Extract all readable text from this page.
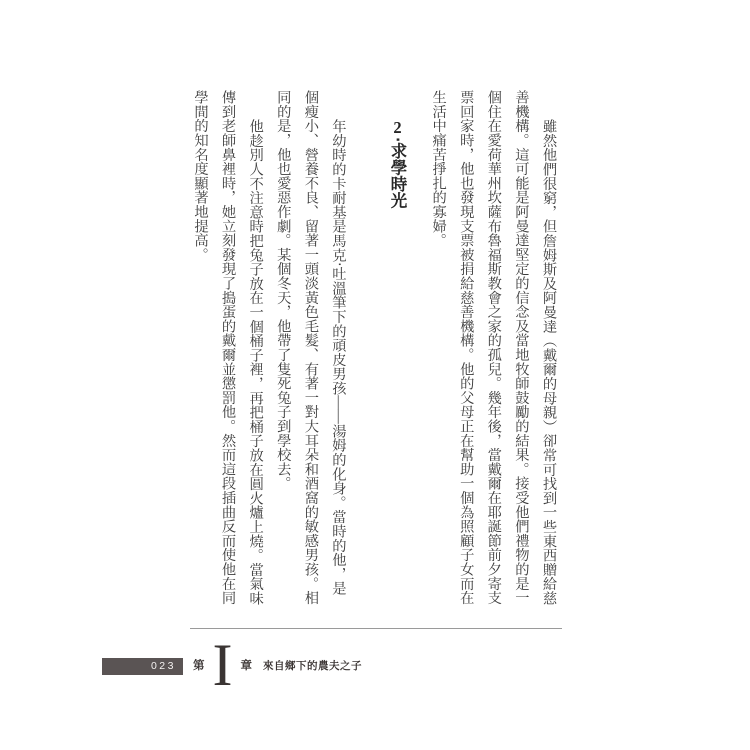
雖然他們很窮，但詹姆斯及阿曼達（戴爾的母親）卻常可找到一些東西贈給慈善機構。這可能是阿曼達堅定的信念及當地牧師鼓勵的結果。接受他們禮物的是一個住在愛荷華州坎薩布魯福斯教會之家的孤兒。幾年後，當戴爾在耶誕節前夕寄支票回家時，他也發現支票被捐給慈善機構。他的父母正在幫助一個為照顧子女而在生活中痛苦掙扎的寡婦。

2‧求學時光

年幼時的卡耐基是馬克‧吐溫筆下的頑皮男孩——湯姆的化身。當時的他，是個瘦小、營養不良、留著一頭淡黃色毛髮、有著一對大耳朵和酒窩的敏感男孩。相同的是，他也愛惡作劇。某個冬天，他帶了隻死兔子到學校去。

他趁別人不注意時把兔子放在一個桶子裡，再把桶子放在圓火爐上燒。當氣味傳到老師鼻裡時，她立刻發現了搗蛋的戴爾並懲罰他。然而這段插曲反而使他在同學間的知名度顯著地提高。

023	第 I 章 來自鄉下的農夫之子
